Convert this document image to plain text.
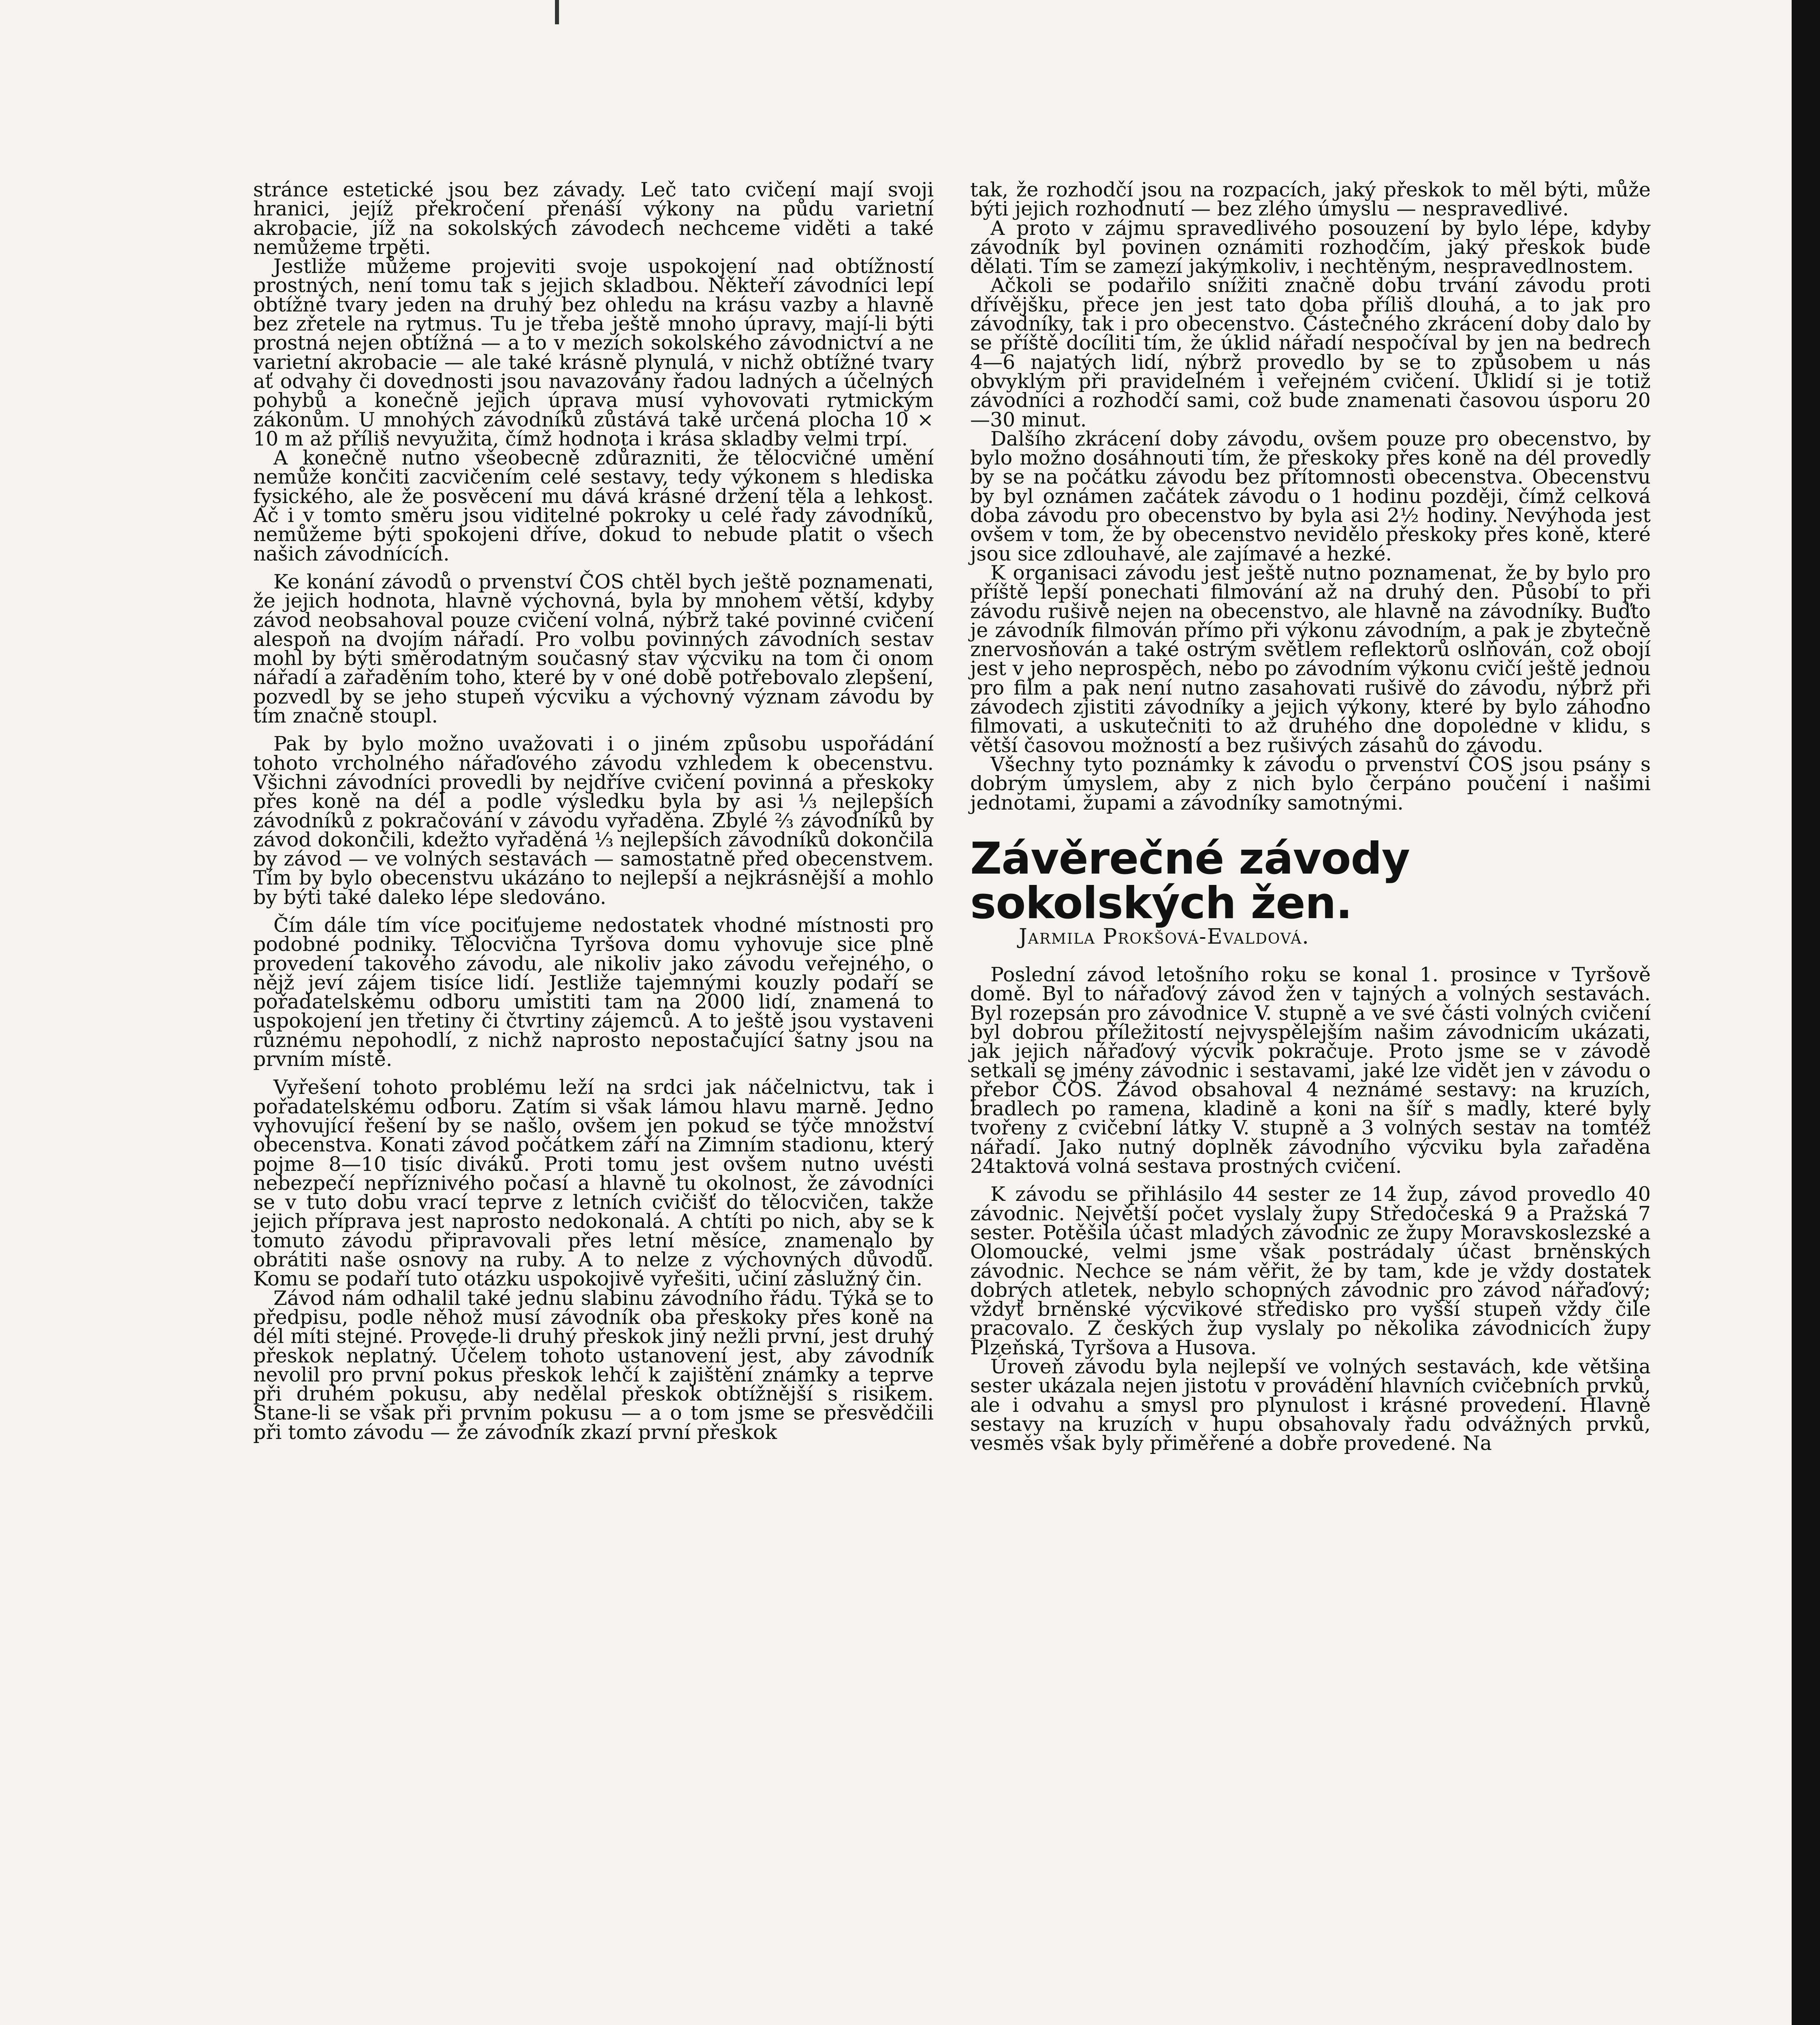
stránce estetické jsou bez závady. Leč tato cvičení mají svoji hranici, jejíž překročení přenáší výkony na půdu varietní akrobacie, jíž na sokolských závodech nechceme viděti a také nemůžeme trpěti.

Jestliže můžeme projeviti svoje uspokojení nad obtížností prostných, není tomu tak s jejich skladbou. Někteří závodníci lepí obtížné tvary jeden na druhý bez ohledu na krásu vazby a hlavně bez zřetele na rytmus. Tu je třeba ještě mnoho úpravy, mají-li býti prostná nejen obtížná — a to v mezích sokolského závodnictví a ne varietní akrobacie — ale také krásně plynulá, v nichž obtížné tvary ať odvahy či dovednosti jsou navazovány řadou ladných a účelných pohybů a konečně jejich úprava musí vyhovovati rytmickým zákonům. U mnohých závodníků zůstává také určená plocha 10 × 10 m až příliš nevyužita, čímž hodnota i krása skladby velmi trpí.

A konečně nutno všeobecně zdůrazniti, že tělocvičné umění nemůže končiti zacvičením celé sestavy, tedy výkonem s hlediska fysického, ale že posvěcení mu dává krásné držení těla a lehkost. Ač i v tomto směru jsou viditelné pokroky u celé řady závodníků, nemůžeme býti spokojeni dříve, dokud to nebude platit o všech našich závodnících.

Ke konání závodů o prvenství ČOS chtěl bych ještě poznamenati, že jejich hodnota, hlavně výchovná, byla by mnohem větší, kdyby závod neobsahoval pouze cvičení volná, nýbrž také povinné cvičení alespoň na dvojím nářadí. Pro volbu povinných závodních sestav mohl by býti směrodatným současný stav výcviku na tom či onom nářadí a zařaděním toho, které by v oné době potřebovalo zlepšení, pozvedl by se jeho stupeň výcviku a výchovný význam závodu by tím značně stoupl.

Pak by bylo možno uvažovati i o jiném způsobu uspořádání tohoto vrcholného nářaďového závodu vzhledem k obecenstvu. Všichni závodníci provedli by nejdříve cvičení povinná a přeskoky přes koně na dél a podle výsledku byla by asi ⅓ nejlepších závodníků z pokračování v závodu vyřaděna. Zbylé ⅔ závodníků by závod dokončili, kdežto vyřaděná ⅓ nejlepších závodníků dokončila by závod — ve volných sestavách — samostatně před obecenstvem. Tím by bylo obecenstvu ukázáno to nejlepší a nejkrásnější a mohlo by býti také daleko lépe sledováno.

Čím dále tím více pociťujeme nedostatek vhodné místnosti pro podobné podniky. Tělocvična Tyršova domu vyhovuje sice plně provedení takového závodu, ale nikoliv jako závodu veřejného, o nějž jeví zájem tisíce lidí. Jestliže tajemnými kouzly podaří se pořadatelskému odboru umístiti tam na 2000 lidí, znamená to uspokojení jen třetiny či čtvrtiny zájemců. A to ještě jsou vystaveni různému nepohodlí, z nichž naprosto nepostačující šatny jsou na prvním místě.

Vyřešení tohoto problému leží na srdci jak náčelnictvu, tak i pořadatelskému odboru. Zatím si však lámou hlavu marně. Jedno vyhovující řešení by se našlo, ovšem jen pokud se týče množství obecenstva. Konati závod počátkem září na Zimním stadionu, který pojme 8—10 tisíc diváků. Proti tomu jest ovšem nutno uvésti nebezpečí nepříznivého počasí a hlavně tu okolnost, že závodníci se v tuto dobu vrací teprve z letních cvičišť do tělocvičen, takže jejich příprava jest naprosto nedokonalá. A chtíti po nich, aby se k tomuto závodu připravovali přes letní měsíce, znamenalo by obrátiti naše osnovy na ruby. A to nelze z výchovných důvodů. Komu se podaří tuto otázku uspokojivě vyřešiti, učiní záslužný čin.

Závod nám odhalil také jednu slabinu závodního řádu. Týká se to předpisu, podle něhož musí závodník oba přeskoky přes koně na dél míti stejné. Provede-li druhý přeskok jiný nežli první, jest druhý přeskok neplatný. Účelem tohoto ustanovení jest, aby závodník nevolil pro první pokus přeskok lehčí k zajištění známky a teprve při druhém pokusu, aby nedělal přeskok obtížnější s risikem. Stane-li se však při prvním pokusu — a o tom jsme se přesvědčili při tomto závodu — že závodník zkazí první přeskok

tak, že rozhodčí jsou na rozpacích, jaký přeskok to měl býti, může býti jejich rozhodnutí — bez zlého úmyslu — nespravedlivé.

A proto v zájmu spravedlivého posouzení by bylo lépe, kdyby závodník byl povinen oznámiti rozhodčím, jaký přeskok bude dělati. Tím se zamezí jakýmkoliv, i nechtěným, nespravedlnostem.

Ačkoli se podařilo snížiti značně dobu trvání závodu proti dřívějšku, přece jen jest tato doba příliš dlouhá, a to jak pro závodníky, tak i pro obecenstvo. Částečného zkrácení doby dalo by se příště docíliti tím, že úklid nářadí nespočíval by jen na bedrech 4—6 najatých lidí, nýbrž provedlo by se to způsobem u nás obvyklým při pravidelném i veřejném cvičení. Uklidí si je totiž závodníci a rozhodčí sami, což bude znamenati časovou úsporu 20—30 minut.

Dalšího zkrácení doby závodu, ovšem pouze pro obecenstvo, by bylo možno dosáhnouti tím, že přeskoky přes koně na dél provedly by se na počátku závodu bez přítomnosti obecenstva. Obecenstvu by byl oznámen začátek závodu o 1 hodinu později, čímž celková doba závodu pro obecenstvo by byla asi 2½ hodiny. Nevýhoda jest ovšem v tom, že by obecenstvo nevidělo přeskoky přes koně, které jsou sice zdlouhavé, ale zajímavé a hezké.

K organisaci závodu jest ještě nutno poznamenat, že by bylo pro příště lepší ponechati filmování až na druhý den. Působí to při závodu rušivě nejen na obecenstvo, ale hlavně na závodníky. Buďto je závodník filmován přímo při výkonu závodním, a pak je zbytečně znervosňován a také ostrým světlem reflektorů oslňován, což obojí jest v jeho neprospěch, nebo po závodním výkonu cvičí ještě jednou pro film a pak není nutno zasahovati rušivě do závodu, nýbrž při závodech zjistiti závodníky a jejich výkony, které by bylo záhodno filmovati, a uskutečniti to až druhého dne dopoledne v klidu, s větší časovou možností a bez rušivých zásahů do závodu.

Všechny tyto poznámky k závodu o prvenství ČOS jsou psány s dobrým úmyslem, aby z nich bylo čerpáno poučení i našimi jednotami, župami a závodníky samotnými.

Závěrečné závody sokolských žen.
Jarmila Prokšová-Evaldová.

Poslední závod letošního roku se konal 1. prosince v Tyršově domě. Byl to nářaďový závod žen v tajných a volných sestavách. Byl rozepsán pro závodnice V. stupně a ve své části volných cvičení byl dobrou příležitostí nejvyspělejším našim závodnicím ukázati, jak jejich nářaďový výcvik pokračuje. Proto jsme se v závodě setkali se jmény závodnic i sestavami, jaké lze vidět jen v závodu o přebor ČOS. Závod obsahoval 4 neznámé sestavy: na kruzích, bradlech po ramena, kladině a koni na šíř s madly, které byly tvořeny z cvičební látky V. stupně a 3 volných sestav na tomtéž nářadí. Jako nutný doplněk závodního výcviku byla zařaděna 24taktová volná sestava prostných cvičení.

K závodu se přihlásilo 44 sester ze 14 žup, závod provedlo 40 závodnic. Největší počet vyslaly župy Středočeská 9 a Pražská 7 sester. Potěšila účast mladých závodnic ze župy Moravskoslezské a Olomoucké, velmi jsme však postrádaly účast brněnských závodnic. Nechce se nám věřit, že by tam, kde je vždy dostatek dobrých atletek, nebylo schopných závodnic pro závod nářaďový; vždyť brněnské výcvikové středisko pro vyšší stupeň vždy čile pracovalo. Z českých žup vyslaly po několika závodnicích župy Plzeňská, Tyršova a Husova.

Úroveň závodu byla nejlepší ve volných sestavách, kde většina sester ukázala nejen jistotu v provádění hlavních cvičebních prvků, ale i odvahu a smysl pro plynulost i krásné provedení. Hlavně sestavy na kruzích v hupu obsahovaly řadu odvážných prvků, vesměs však byly přiměřené a dobře provedené. Na
